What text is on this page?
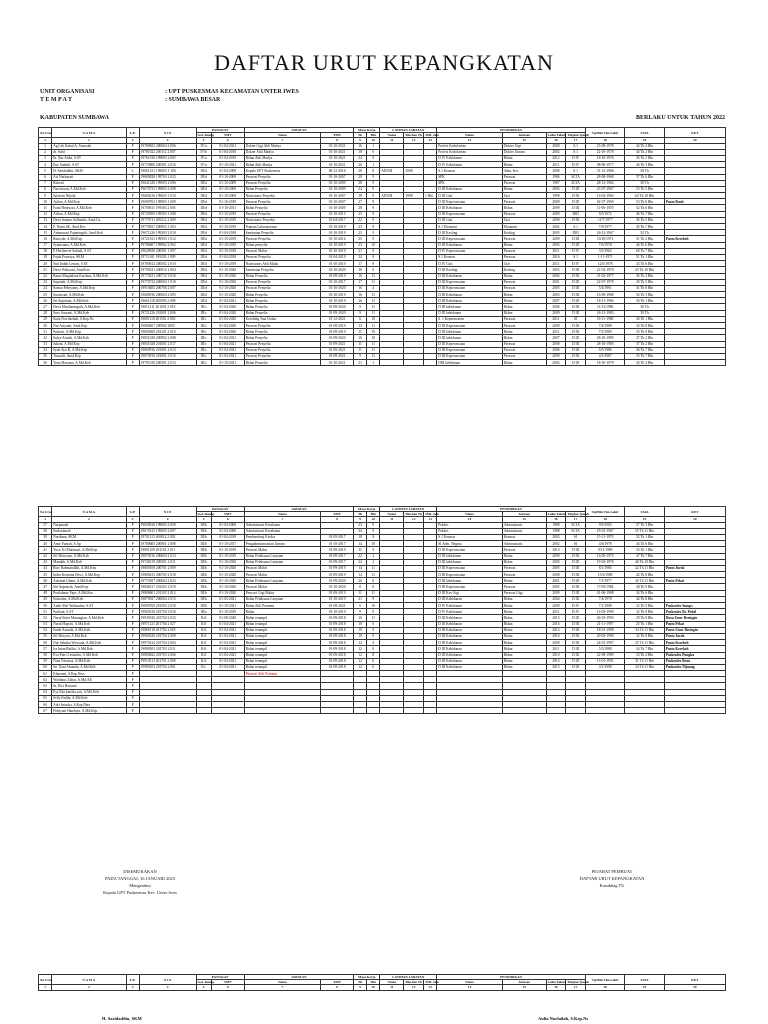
DAFTAR URUT KEPANGKATAN
UNIT ORGANISASI	: UPT PUSKESMAS KECAMATAN UNTER IWES
T E M P A T	: SUMBAWA BESAR
KABUPATEN SUMBAWA	BERLAKU UNTUK TAHUN 2022
No Urut	N A M A	L/P	N I P	PANGKAT		JABATAN		Masa Kerja		LATIHAN JABATAN			PENDIDIKAN				Tgl/Bln Thn Lahir	USIA	KET
				Gol. Ruang	TMT	Nama	TMT	Th	Bln	Nama	Bln dan Th	JML Jam	Nama	Jurusan	Lulus Tahun	Tingkat Ijazah			
1	2	3	4	5	6	7	8	9	10	11	12	13	14	15	16	17	18	19	20
1	Ag.Leh Kabul A, Surasuki	P	19780823 200604 2 006	IV/a	01-04-2021	Dokter Gigi Ahli Madya	01-10-2021	16	1				Profesi Kedokteran	Dokter Gigi	2008	S.1	23-08-1978	42 Th 4 Bln	
2	dr. Sulvi	P	19781022 200112 2 007	IV/b	01-04-2018	Dokter Ahli Madya	01-10-2021	18	0				Profesi Kedokteran	Dokter Umum	2002	S.1	22-10-1978	44 Th 2 Bln	
3	Ib. Nur Atika, S.ST	P	19761016 199803 2 005	IV/a	01-04-2019	Bidan Ahli Madya	01-10-2021	24	9				D IV Kebidanan	Bidan	2012	D IV	16-10-1976	45 Th 2 Bln	
4	Eny Sudarli, S.ST	P	19770808 200501 2 016	IV/a	01-10-2021	Bidan Ahli Madya	01-10-2021	20	1				D IV Kebidanan	Bidan	2011	D IV	08-08-1977	44 Th 3 Bln	
5	H. Saridaddin, SKM	L	19661231 199003 1 106	III/d	01-04-2009	Kepala UPT Puskesmas	06-12-2016	28	8	ADUM	2008		S.1 Kesmas	Adm. Kes	2008	S.1	31-12-1966	56 Th	
6	Ais Nurhayati	P	19680828 198703 2 023	III/d	01-10-2009	Perawat Penyelia	01-10-2007	29	9				SPK	Perawat	1986	SLTA	28-08-1968	57 Th 6 Bln	
7	Rukesti	P	19641228 199003 2 006	III/d	01-10-2009	Perawat Penyelia	01-10-2009	28	9				SPK	Perawat	1987	SLTA	28-12-1964	58 Th	
8	Nur'aisyan, A.Md.Keb	P	19670723 199803 2 008	III/d	01-10-2009	Bidan Penyelia	01-10-2009	24	9				D III Kebidanan	Bidan	2003	D III	23-07-1967	55 Th 5 Bln	
9	Julaesin Nikola	P	19600216 199603 1 010	III/d	01-10-2009	Nutrisionis Penyelia	01-10-2007	18	9	ADUM	1998	1 Bln	D III Gizi	Gizi	1998	D III	16-02-1960	62 Th 10 Bln	
10	Aylina, A.Md.Kep	P	19690702 198903 1 009	III/d	01-10-2019	Perawat Penyelia	01-10-2007	27	9				D III Keperawatan	Perawat	2009	D III	02-07-1969	53 Th 6 Bln	Pustu Bonb
11	Fatni Herawati, A.Md.Keb	P	19700611 199303 2 005	III/d	01-10-2011	Bidan Penyelia	01-10-2009	28	9				D III Kebidanan	Bidan	2009	D III	11-06-1970	52 Th 6 Bln	
12	Arfian, A.Md.Kep	P	19720509 199503 1 008	III/d	01-10-2019	Perawat Penyelia	01-10-2015	23	9				D III Keperawatan	Perawat	2009	DIII	9/5/1972	46 Th 7 Bln	
13	Dewi Intianu Sulfandis, Amd.Gz	P	19770711 200212 2 009	III/d	01-10-2019	Nutrisionis Penyelia	01-04-2017	22	9				D III Gizi	Gizi	2000	D III	11/7/1977	45 Th 5 Bln	
14	F. Nurin.SE, Amd.Kes	P	19770927 200803 1 003	III/d	01-10-2019	Pranata Laboratorium	01-10-2019	23	9				S.1 Ekonomi	Ekonomi	2002	S.1	7/9/1977	45 Th 7 Bln	
15	Aminawati Pujaningsih, Amd.Keb	P	19671226 199203 2 010	III/d	01-04-2018	Sanitarian Penyelia	01-10-2019	23	9				D III Kesling	Kesling	2005	DIII	26-12-1967	52 Th	
16	Rukiyah, A.Md.Kep	P	19721031 199503 1 012	III/d	01-10-2019	Perawat Penyelia	01-10-2016	25	9				D III Keperawatan	Perawat	2009	D III	10/10/1971	51 Th 2 Bln	Pustu Kerekeh
17	Syamsiana, A.Md.Keb	P	19780607 199902 2 002	III/d	01-10-2019	Bidan penyelia	01-10-2019	23	10				D III Kebidanan	Bidan	2003	D III	7/6/1978	44 Th 6 Bln	
18	E.Herlinevie Subadi, S.ST	P	19620928 200501 1 007	III/d	01-10-2018	Perawat Mahir	01-10-2019	21	9				D IV Keperawatan	Perawat	2011	D IV	3/5/1962	60 Th 7 Bln	
19	Fujah Prasetya, SKM	P	19711101 199203 1 009	III/d	01-04-2018	Perawat Penyelia	01-04-2019	24	9				S.1 Kesmas	Perawat	2016	S.1	1-11-1971	51 Th 1 Bln	
20	Sitti Indah Lestari, S.ST	P	19780612 200502 2 010	III/d	01-10-2019	Nutrisionis Ahli Muda	01-10-2019	17	8				D IV Gizi	Gizi	2011	D IV	12/6/1978	43 Th 6 Bln	
21	Dewi Wahyuni, Amd.Kes	P	19790221 200812 2 004	III/d	01-10-2020	Sanitarian Penyelia	01-10-2020	16	0				D III Kesling	Kesling	2003	D III	21-02-1979	43 Th 10 Bln	
22	Ratna Magdalena Kartima, A.Md.Keb	P	19770231 200712 2 016	III/d	01-10-2020	Bidan Penyelia	01-09-2019	16	11				D III Kebidanan	Bidan	2004	D III	31-02-1977	45 Th 2 Bln	
23	Supriadi, A.Md.Kep	P	19770722 200604 1 010	III/d	01-10-2020	Perawat Penyelia	01-10-2017	17	11				D III Keperawatan	Perawat	2001	D III	22-07-1978	45 Th 5 Bln	
24	Samsu Febryanty, A.Md.Kep	P	19910405 200706 2 007	III/d	01-10-2020	Perawat Penyelia	01-10-2020	16	4				D III Keperawatan	Perawat	2005	D III	5/4/1991	31 Th 8 Bln	
25	Suciawati, A.Md.Keb	P	19680916 200604 2 005	III/d	01-10-2020	Bidan Penyelia	01-10-2019	16	11				D III Kebidanan	Bidan	2003	D III	16-09-1968	54 Th 3 Bln	
26	Sri Supriatni, A.Md.Keb	P	19661118 200903 2 008	III/d	01-04-2021	Bidan Penyelia	01-10-2019	16	11				D III Kebidanan	Bidan	2007	D III	18-11-1966	56 Th 1 Bln	
27	Dewi Mardianingsih, A.Md.Keb	P	19811211 201001 2 016	III/c	01-04-2020	Bidan Penyelia	01-09-2020	9	11				D III kebidanan	Bidan	2006	D III	11/12/1986	36 Th	
28	Susy Suryani, A.Md.Keb	P	19721226 201001 2 006	III/c	01-04-2020	Bidan Penyelia	01-09-2020	9	11				D III kebidanan	Bidan	2009	D III	26-12-1983	39 Th	
29	Sutia Novilaeladi, S.Kep.Ns	P	19801118 201501 2 003	III/c	01-04-2020	Kesehtbg Tata Usaha	01-12-2021	6	10				S. 1 Keperawatan	Perawat	2011	SI	18-11-1980	40 Th 1 Bln	
30	Nur Ariyanti, Amd.Kep	P	19880407 200902 2005	III/c	01-04-2020	Perawat Penyelia	01-09-2019	13	11				D III Keperawatan	Perawat	2009	D III	7/4/1988	34 Th 8 Bln	
31	Sulastri, A.Md.Kep	P	19890309 201101 2 010	III/c	01-04-2020	Bidan Penyelia	01-09-2019	11	10				D III kebidanan	Bidan	2011	D III	7/3/1989	33 Th 9 Bln	
32	Sulya Arinda, A.Md.Keb	P	19851028 200902 2 008	III/c	01-04-2021	Bidan Penyelia	01-09-2020	10	10				D III kebidanan	Bidan	2007	D III	28-10-1985	37 Th 2 Bln	
33	Juhani, A.Md.Kep	P	19851028 201001 2 017	III/c	01-04-2021	Perawat Penyelia	01-09-2021	11	11				D III Keperawatan	Perawat	2008	D III	28-10-1985	37 Th 2 Bln	
34	Syah Ayu R, A.Md.Kep	P	19860916 201001 2 013	III/c	01-04-2021	Perawat Penyelia	01-09-2021	11	11				D III Keperawatan	Perawat	2006	D III	6/5/1986	36 Th 7 Bln	
35	Yusuarli, Amd.Kep	P	19870916 201001 2 015	III/c	01-04-2021	Perawat Penyelia	01-09-2021	9	11				D III Keperawatan	Perawat	2009	D III	4/5/1987	35 Th 7 Bln	
36	Yena Marsana, A.Md.Keb	P	19791018 200501 2 013	III/c	01-10-2021	Bidan Penyelia	01-10-2021	21	1				DIII kebidanan	Bidan	2004	D III	18-10-1979	43 Th 2 Bln	
No Urut	N A M A	L/P	N I P	PANGKAT		JABATAN		Masa Kerja		LATIHAN JABATAN			PENDIDIKAN				Tgl/Bln Thn Lahir	USIA	KET
				Gol. Ruang	TMT	Nama	TMT	Th	Bln	Nama	Bln dan Th	JML Jam	Nama	Jurusan	Lulus Tahun	Tingkat Ijazah			
1	2	3	4	5	6	7	8	9	10	11	12	13	14	15	16	17	18	19	20
37	Nurpamah	P	19650916 199003 2 009	III/b	01-04-2008	Administrasi Kesehatan		23	9				Pekkes	Administrasi	1988	SLTA	9/9/1965	57 Th 3 Bln	
38	Sutkoramah	P	19670125 199003 2 007	III/b	01-04-2008	Administrasi Kesehatan		24	9				Pekkes	Administrasi	1988	SLTA	25-01-1967	55 Th 11 Bln	
39	Nurdiana, SKM	P	19701115 200812 2 002	III/b	01-04-2018	Pembendaraj Kesksr	01-05-2017	18	8				S.1 Kesmas	Kesmas	2003	S1	15-11-1970	52 Th 1 Bln	
40	Amir Yuniati, S.Ap	P	19780605 200801 2 008	III/b	01-10-2017	Pengadministrasian Umum	01-10-2017	14	10				SI Adm. Negara	Administrasi	2002	SI	4/6/1978	44 Th 6 Bln	
41	Yuva Tri Mutiasari, A.Md.Kep	P	19891109 201101 2 011	III/b	01-10-2019	Perawat Mahir	01-09-2019	11	9				D III Keperawatan	Perawat	2010	D III	9/11/1989	33 Th 1 Bln	
42	Sri Mariyana, A.Md.Keb	P	19870516 200604 2 013	III/b	01-10-2019	Bidan Pelaksana Lanjutan	01-09-2017	22	2				D III kebidanan	Bidan	2009	D III	16-05-1975	47 Th 7 Bln	
43	Mandah, A.Md.Keb	P	19740219 200501 2 011	III/b	01-10-2020	Bidan Pelaksana Lanjutan	01-09-2017	22	2				D III kebidanan	Bidan	2005	D III	19-02-1976	46 Th 10 Bln	
44	Rizy Rahmatullah, A.Md.Kep	P	19800108 200701 2 009	III/b	01-10-2020	Perawat Mahir	01-09-2019	14	11				D III Keperawatan	Perawat	2005	D III	8/1/1980	42 Th 11 Bln	Pustu Jurok
45	Indra Keturma Dewi, A.Md.Kep	P	19880415 200705 2 018	III/b	01-10-2020	Perawat Mahir	01-09-2019	14	11				D III Keperawatan	Perawat	2008	D III	15/4/1980	42 Th 8 Bln	
46	Aulsinat Ulami, A.Md.Keb	P	19770107 200604 2 023	III/b	01-10-2020	Bidan Pelaksana Lanjutan	01-09-2020	20	8				D III kebidanan	Bidan	2001	D III	7/1/1977	45 Th 11 Bln	Pustu Pekat
47	Siti Supriasih, Amd.Kep	P	19840317 201203 2 019	III/b	01-10-2020	Perawat Mahir	01-10-2020	8	8				D III Keperawatan	Perawat	2005	D III	17/03/1984	38 Th 9 Bln	
48	Pesilahany Fajri, A.Md.Kes	P	19880601 201103 2 014	III/b	01-10-2020	Penyuci Gigi Mahir	01-09-2019	11	11				D III Kes Gigi	Perawat Gigi	2009	D III	01-06-1988	34 Th 6 Bln	
49	Sulastien, A.Md.Keb	P	19870927 200604 2 015	III/b	01-03-2021	Bidan Pelaksana Lanjutan	01-10-2019	21	9				D III Kebidanan	Bidan	2004	D III	7/4/1978	44 Th 8 Bln	
50	Andri Yuli Wahuadun, S.ST	P	19890709 201503 2 010	III/b	01-10-2021	Bidan Ahli Pertama	01-09-2021	6	10				D IV Kebidanan	Bidan	2009	D IV	7/1/1998	32 Th 5 Bln	Puskesdes Sumps
51	Surliani, S.ST	P	19900316 201704 2 016	III/a	01-10-2019	Bidan	01-10-2019	8	9				D IV Kebidanan	Bidan	2011	D IV	16-03-1990	32 Th 9 Bln	Puskesdes Bt. Pedal
52	Nurul Sinta Musangian, A.Md.Keb	P	19930326 201704 2 023	II/d	01-08-2020	Bidan terampil	01-09-2018	10	11				D III Kebidanan	Bidan	2013	D III	26-03-1993	29 Th 9 Bln	Dusu Unur Beringin
53	Nurul Hapsiri, A.Md.Keb	P	19971121 201704 2 027	II/d	01-04-2021	Bidan terampil	01-09-2018	10	6				D III Kebidanan	Bidan	2016	D III	21-11-1997	25 Th 1 Bln	Pustu Pekat
54	Sarah Ananda, A.Md.Keb	P	19880118 201704 2 005	II/d	01-04-2021	Bidan terampil	01-09-2018	10	9				D III Kebidanan	Bidan	2014	D III	18-01-1988	34 Th 11 Bln	Pustu Unur Beringin
55	Sri Maryati, A.Md.Keb	P	19900320 201704 2 009	II/d	01-04-2021	Bidan terampil	01-09-2018	10	9				D III Kebidanan	Bidan	2016	D III	20-03-1990	32 Th 9 Bln	Pustu Jurok
56	Nur Sabrika Wuwuda, A.Md.Keb	P	19970124 201704 2 004	II/d	01-04-2021	Bidan terampil	01-09-2018	12	4				D III Kebidanan	Bidan	2009	D III	24-01-1997	25 Th 11 Bln	Pustu Kerekeh
57	Ira Intan Rafika, A.Md.Keb	P	19880505 201703 2 011	II/d	01-04-2021	Bidan terampil	01-09-2018	12	8				D III Kebidanan	Bidan	2011	D III	5/5/1988	34 Th 7 Bln	Pustu Kerekeh
58	Eva Putri Lestantin, A.Md.Keb	P	19890822 201703 2 006	II/d	01-04-2021	Bidan terampil	01-09-2018	12	8				D III Kebidanan	Bidan	2010	D III	22-08-1989	33 Th 4 Bln	Puskesdes Pungka
59	Nina Nitrisisa, A.Md.Keb	P	19910113 201701 2 008	II/d	01-04-2021	Bidan terampil	01-09-2018	12	6				D III Kebidanan	Bidan	2014	D III	13-01-1991	31 Th 11 Bln	Puskesdes Bruu
60	Sri Tiani Amanda, A.Md.Keb	P	19980103 201704 2 001	II/c	01-04-2021	Bidan terampil	01-09-2018	12	6				D III Kebidanan	Bidan	2015	D III	3/1/1998	24 Th 11 Bln	Puskesdes Nijuang
61	Khaerani, S.Kep.Ners	P				Perawat Ahli Pertama													
62	Wardatus Zahra, A.Md.AK	P																	
63	dr. Dwi Hartanti	P																	
64	Eys Eka kartika sari, A.Md.Keb	P																	
65	Selly Fadila, A.Md.Keb	P																	
66	Adri Setuska, S.Kep.Ners	P																	
67	Pidriyani Handayu, A.Md.Kep	P																	
DISEMUKAKAN
PADA TANGGAL 16 JANUARI 2023
Mengetahui
Kepala UPT Puskesmas Kec. Unter Iwes
PEJABAT PEMBUAT
DAFTAR URUT KEPANGKATAN
Kasubbag TU
No Urut	N A M A	L/P	N I P	PANGKAT		JABATAN		Masa Kerja		LATIHAN JABATAN			PENDIDIKAN				Tgl/Bln Thn Lahir	USIA	KET
				Gol. Ruang	TMT	Nama	TMT	Th	Bln	Nama	Bln dan Th	JML Jam	Nama	Jurusan	Lulus Tahun	Tingkat Ijazah			
1	2	3	4	5	6	7	8	9	10	11	12	13	14	15	16	17	18	19	20
H. Saridaddin, SKM	Aulia Nurlailah, S.Kep.Ns
